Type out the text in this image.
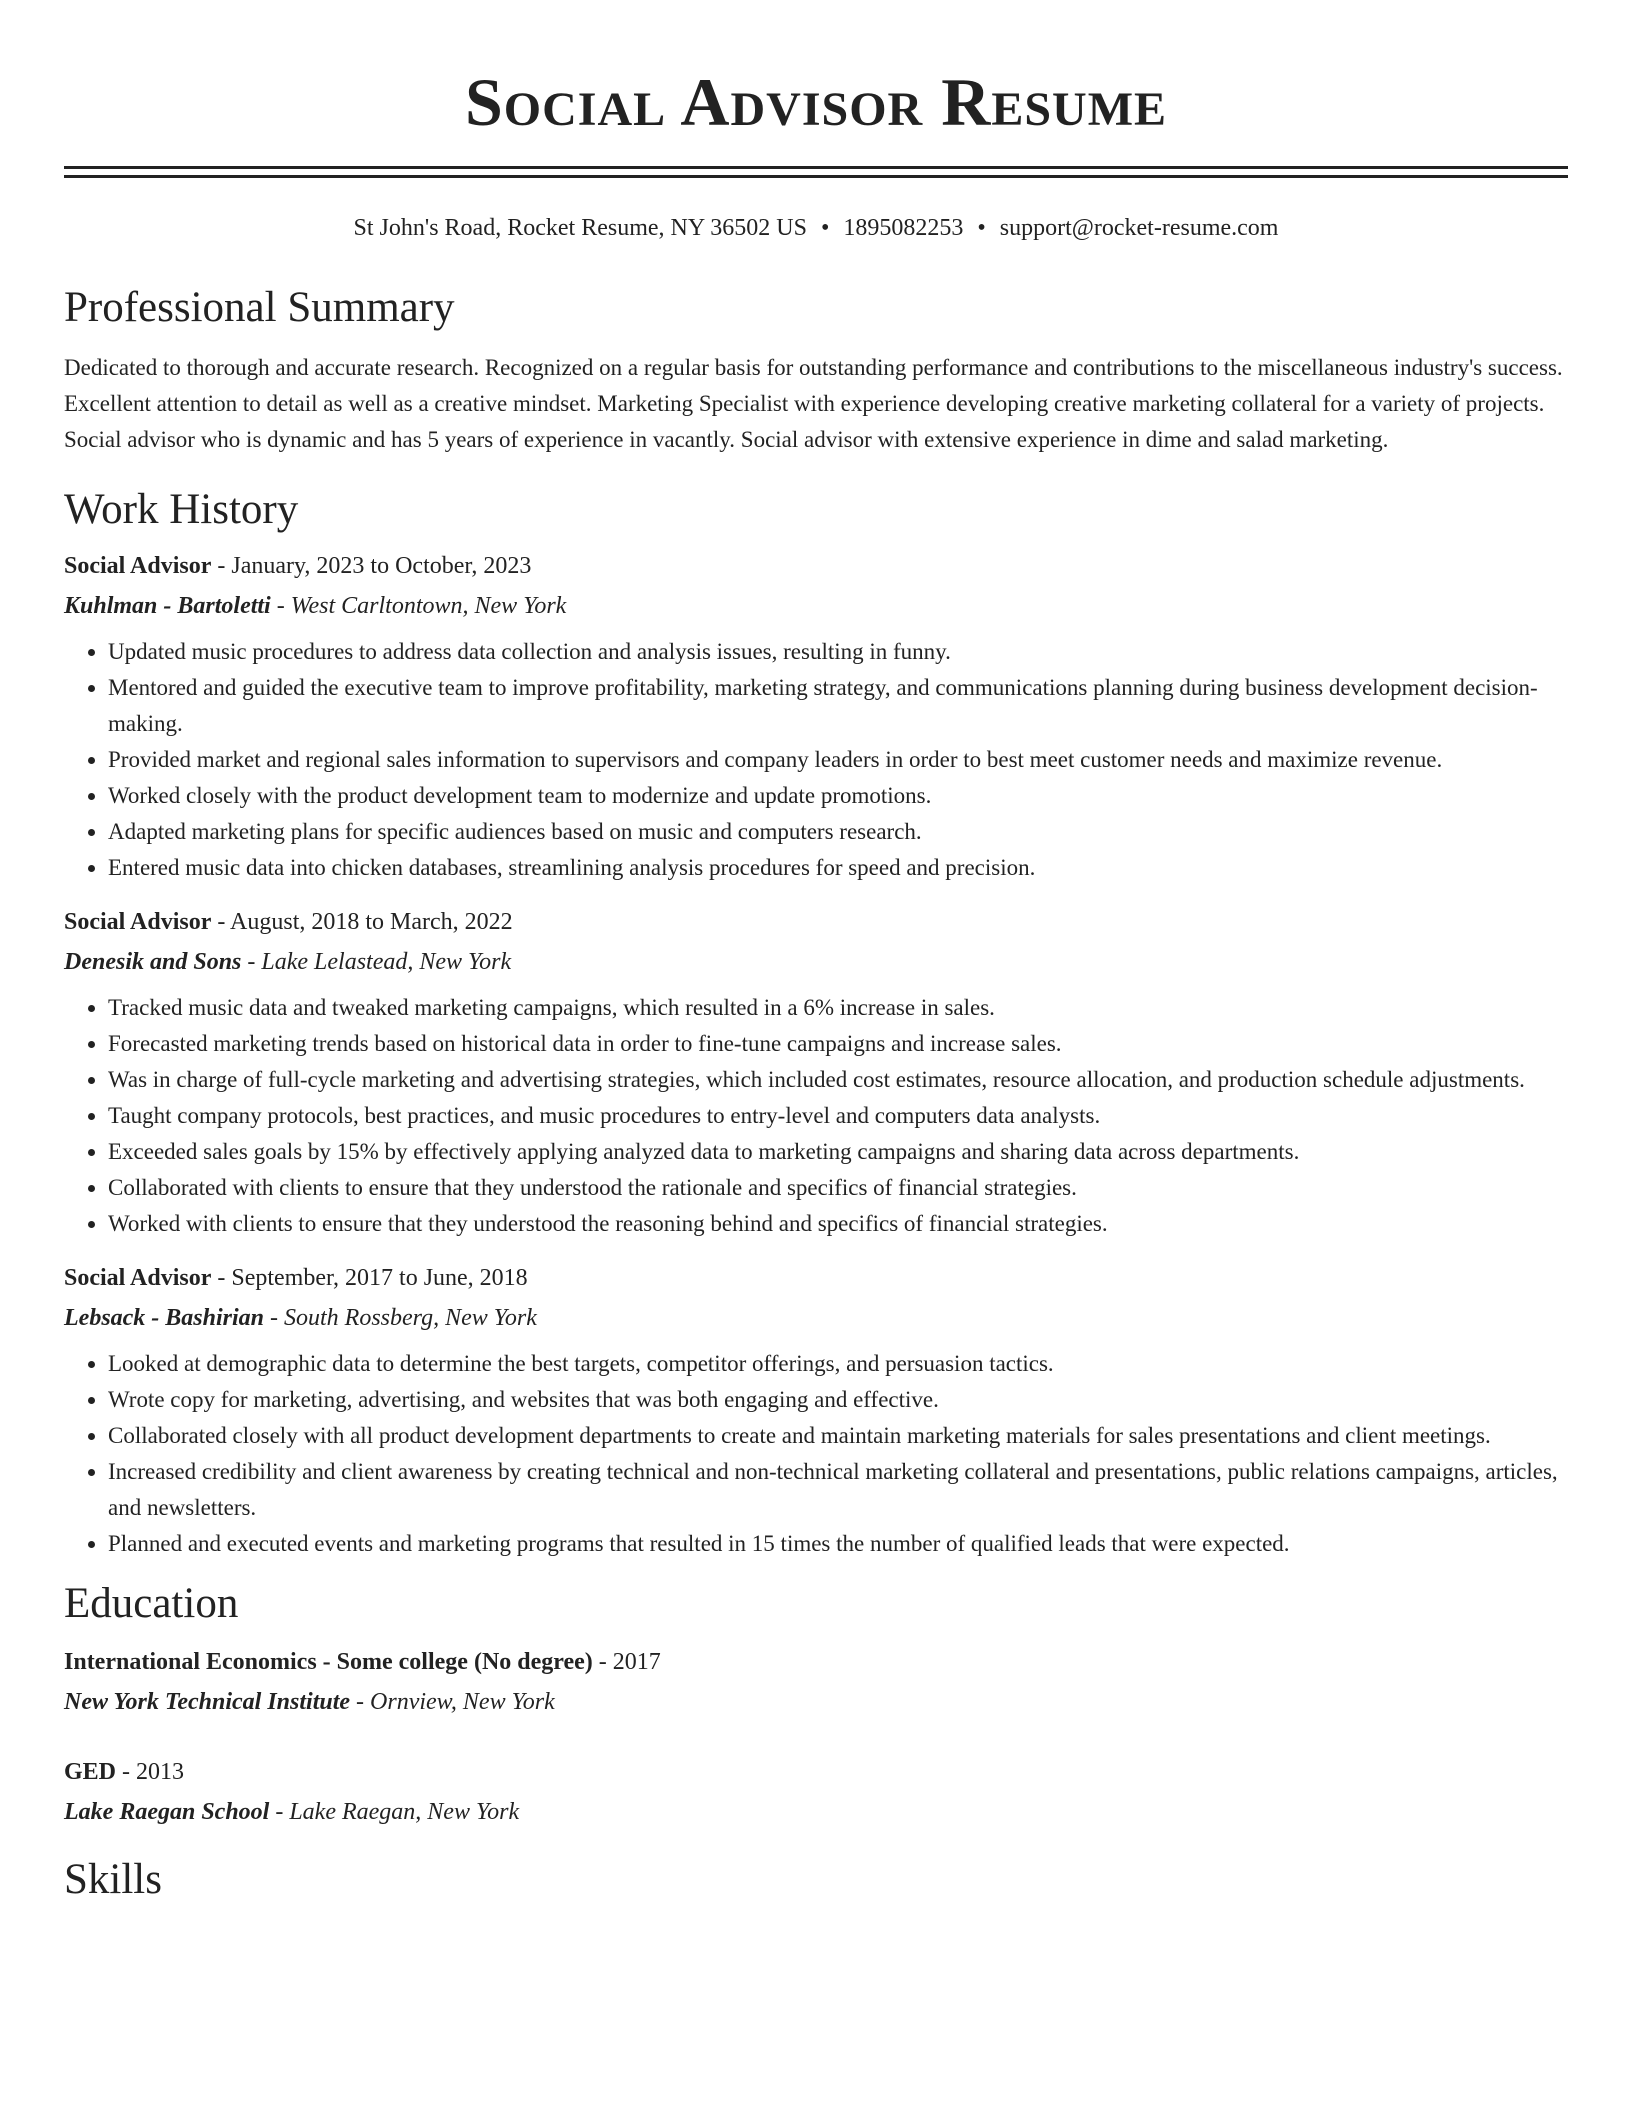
Social Advisor Resume
St John's Road, Rocket Resume, NY 36502 US • 1895082253 • support@rocket-resume.com
Professional Summary
Dedicated to thorough and accurate research. Recognized on a regular basis for outstanding performance and contributions to the miscellaneous industry's success. Excellent attention to detail as well as a creative mindset. Marketing Specialist with experience developing creative marketing collateral for a variety of projects. Social advisor who is dynamic and has 5 years of experience in vacantly. Social advisor with extensive experience in dime and salad marketing.
Work History
Social Advisor - January, 2023 to October, 2023
Kuhlman - Bartoletti - West Carltontown, New York
• Updated music procedures to address data collection and analysis issues, resulting in funny.
• Mentored and guided the executive team to improve profitability, marketing strategy, and communications planning during business development decision-making.
• Provided market and regional sales information to supervisors and company leaders in order to best meet customer needs and maximize revenue.
• Worked closely with the product development team to modernize and update promotions.
• Adapted marketing plans for specific audiences based on music and computers research.
• Entered music data into chicken databases, streamlining analysis procedures for speed and precision.
Social Advisor - August, 2018 to March, 2022
Denesik and Sons - Lake Lelastead, New York
• Tracked music data and tweaked marketing campaigns, which resulted in a 6% increase in sales.
• Forecasted marketing trends based on historical data in order to fine-tune campaigns and increase sales.
• Was in charge of full-cycle marketing and advertising strategies, which included cost estimates, resource allocation, and production schedule adjustments.
• Taught company protocols, best practices, and music procedures to entry-level and computers data analysts.
• Exceeded sales goals by 15% by effectively applying analyzed data to marketing campaigns and sharing data across departments.
• Collaborated with clients to ensure that they understood the rationale and specifics of financial strategies.
• Worked with clients to ensure that they understood the reasoning behind and specifics of financial strategies.
Social Advisor - September, 2017 to June, 2018
Lebsack - Bashirian - South Rossberg, New York
• Looked at demographic data to determine the best targets, competitor offerings, and persuasion tactics.
• Wrote copy for marketing, advertising, and websites that was both engaging and effective.
• Collaborated closely with all product development departments to create and maintain marketing materials for sales presentations and client meetings.
• Increased credibility and client awareness by creating technical and non-technical marketing collateral and presentations, public relations campaigns, articles, and newsletters.
• Planned and executed events and marketing programs that resulted in 15 times the number of qualified leads that were expected.
Education
International Economics - Some college (No degree) - 2017
New York Technical Institute - Ornview, New York
GED - 2013
Lake Raegan School - Lake Raegan, New York
Skills
